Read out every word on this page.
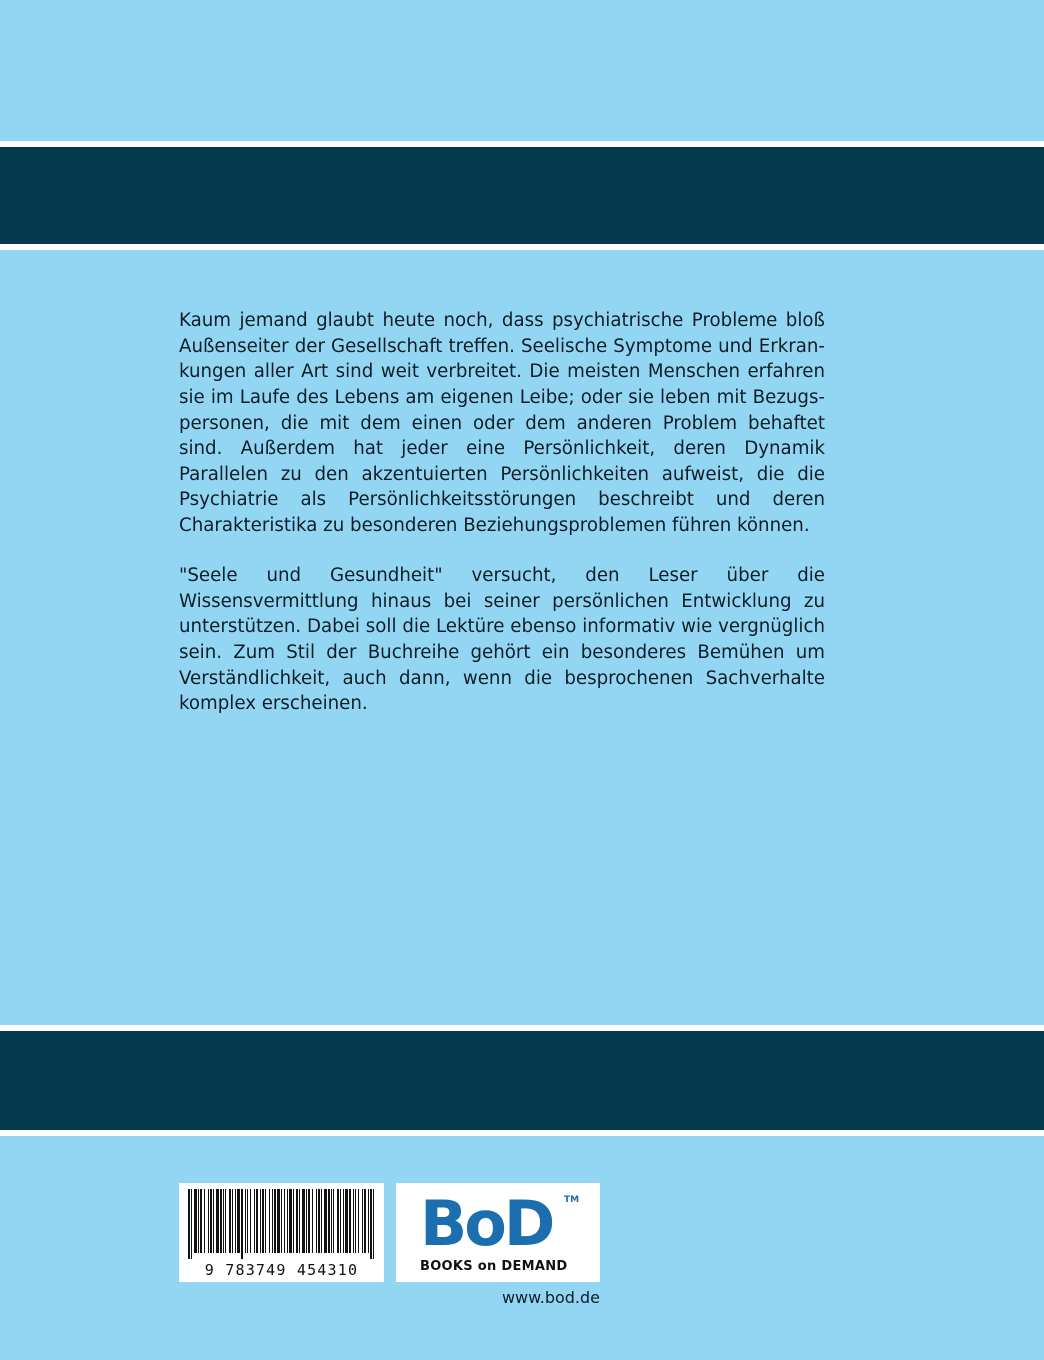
Kaum jemand glaubt heute noch, dass psychiatrische Probleme bloß Außenseiter der Gesellschaft treffen. Seelische Symptome und Erkrankungen aller Art sind weit verbreitet. Die meisten Menschen erfahren sie im Laufe des Lebens am eigenen Leibe; oder sie leben mit Bezugspersonen, die mit dem einen oder dem anderen Problem behaftet sind. Außerdem hat jeder eine Persönlichkeit, deren Dynamik Parallelen zu den akzentuierten Persönlichkeiten aufweist, die die Psychiatrie als Persönlichkeitsstörungen beschreibt und deren Charakteristika zu besonderen Beziehungsproblemen führen können.

"Seele und Gesundheit" versucht, den Leser über die Wissensvermittlung hinaus bei seiner persönlichen Entwicklung zu unterstützen. Dabei soll die Lektüre ebenso informativ wie vergnüglich sein. Zum Stil der Buchreihe gehört ein besonderes Bemühen um Verständlichkeit, auch dann, wenn die besprochenen Sachverhalte komplex erscheinen.

9 783749 454310
BoD TM
BOOKS on DEMAND
www.bod.de
